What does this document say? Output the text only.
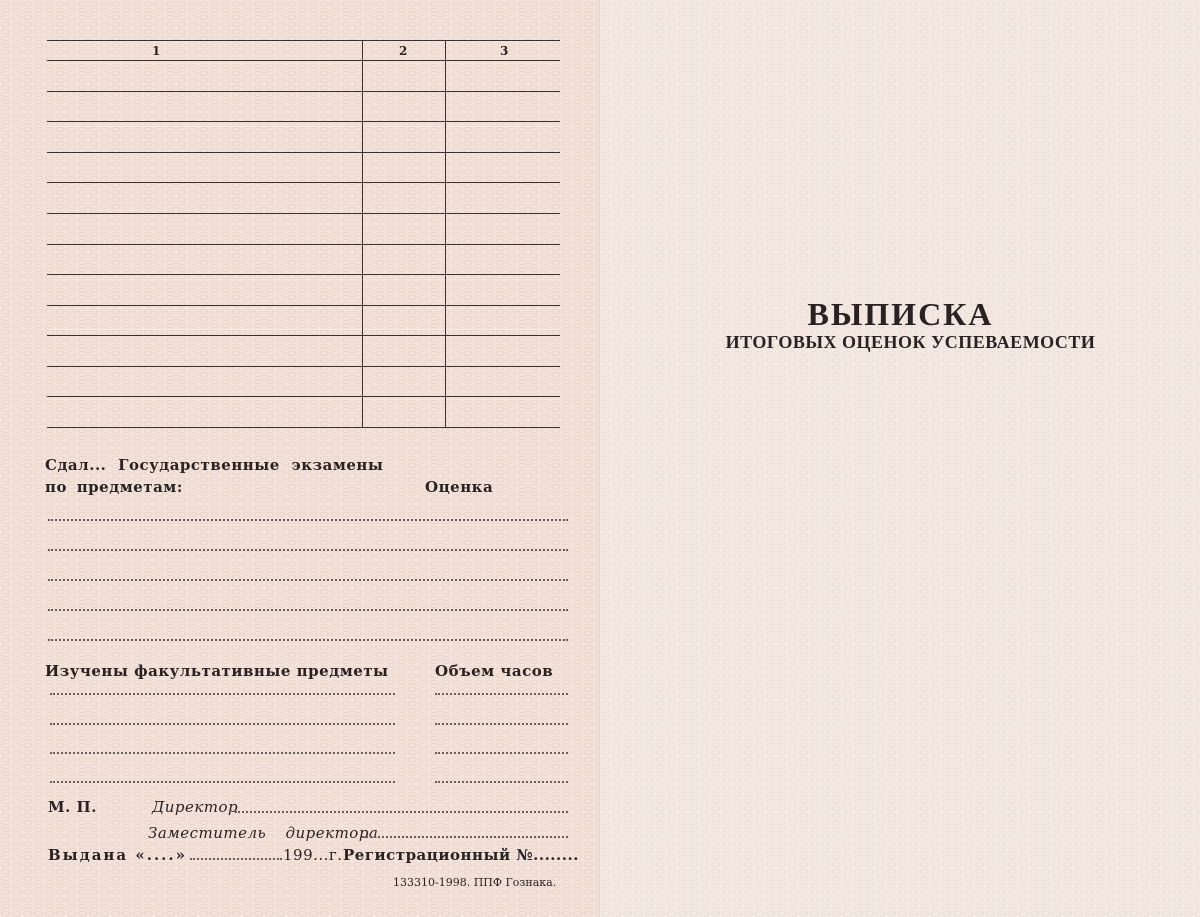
1	2	3
Сдал... Государственные экзамены
по предметам:	Оценка
Изучены факультативные предметы	Объем часов
М. П.	Директор
Заместитель директора
Выдана «....»	199...г. Регистрационный №........
133310-1998. ППФ Гознака.
ВЫПИСКА
ИТОГОВЫХ ОЦЕНОК УСПЕВАЕМОСТИ
